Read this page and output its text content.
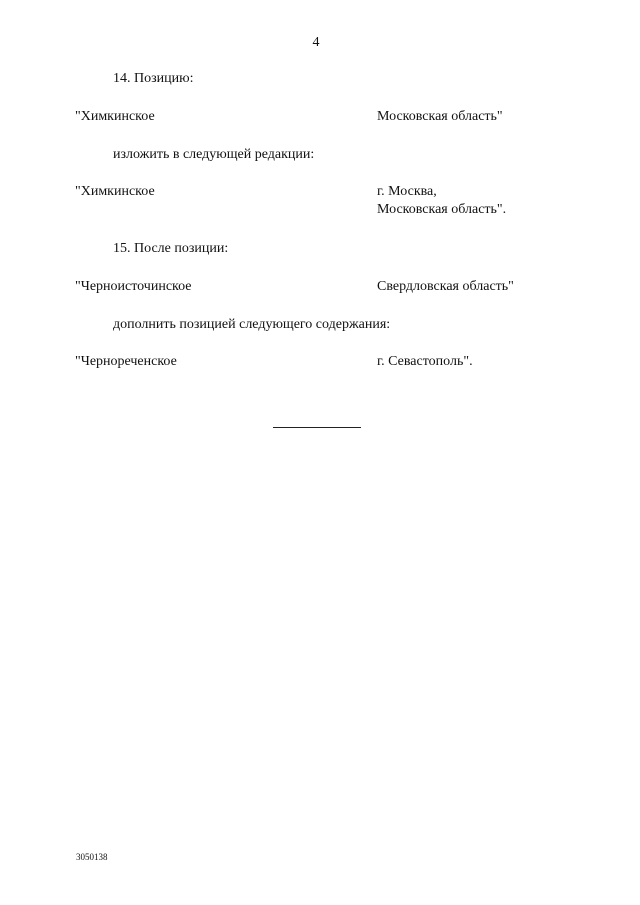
4
14. Позицию:
"Химкинское	Московская область"
изложить в следующей редакции:
"Химкинское	г. Москва,
Московская область".
15. После позиции:
"Черноисточинское	Свердловская область"
дополнить позицией следующего содержания:
"Чернореченское	г. Севастополь".
3050138
